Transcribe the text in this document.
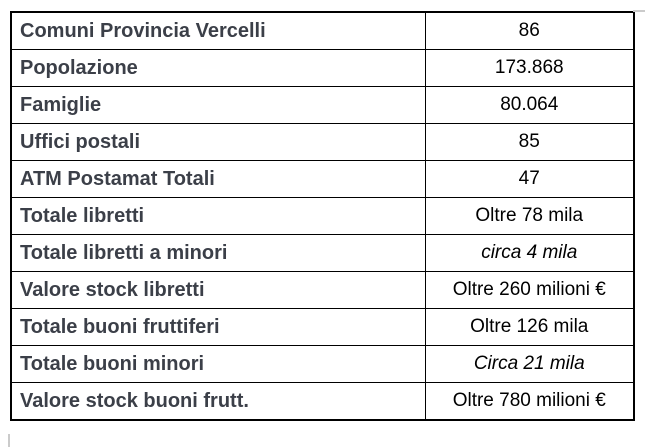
Comuni Provincia Vercelli	86
Popolazione	173.868
Famiglie	80.064
Uffici postali	85
ATM Postamat Totali	47
Totale libretti	Oltre 78 mila
Totale libretti a minori	circa 4 mila
Valore stock libretti	Oltre 260 milioni €
Totale buoni fruttiferi	Oltre 126 mila
Totale buoni minori	Circa 21 mila
Valore stock buoni frutt.	Oltre 780 milioni €
